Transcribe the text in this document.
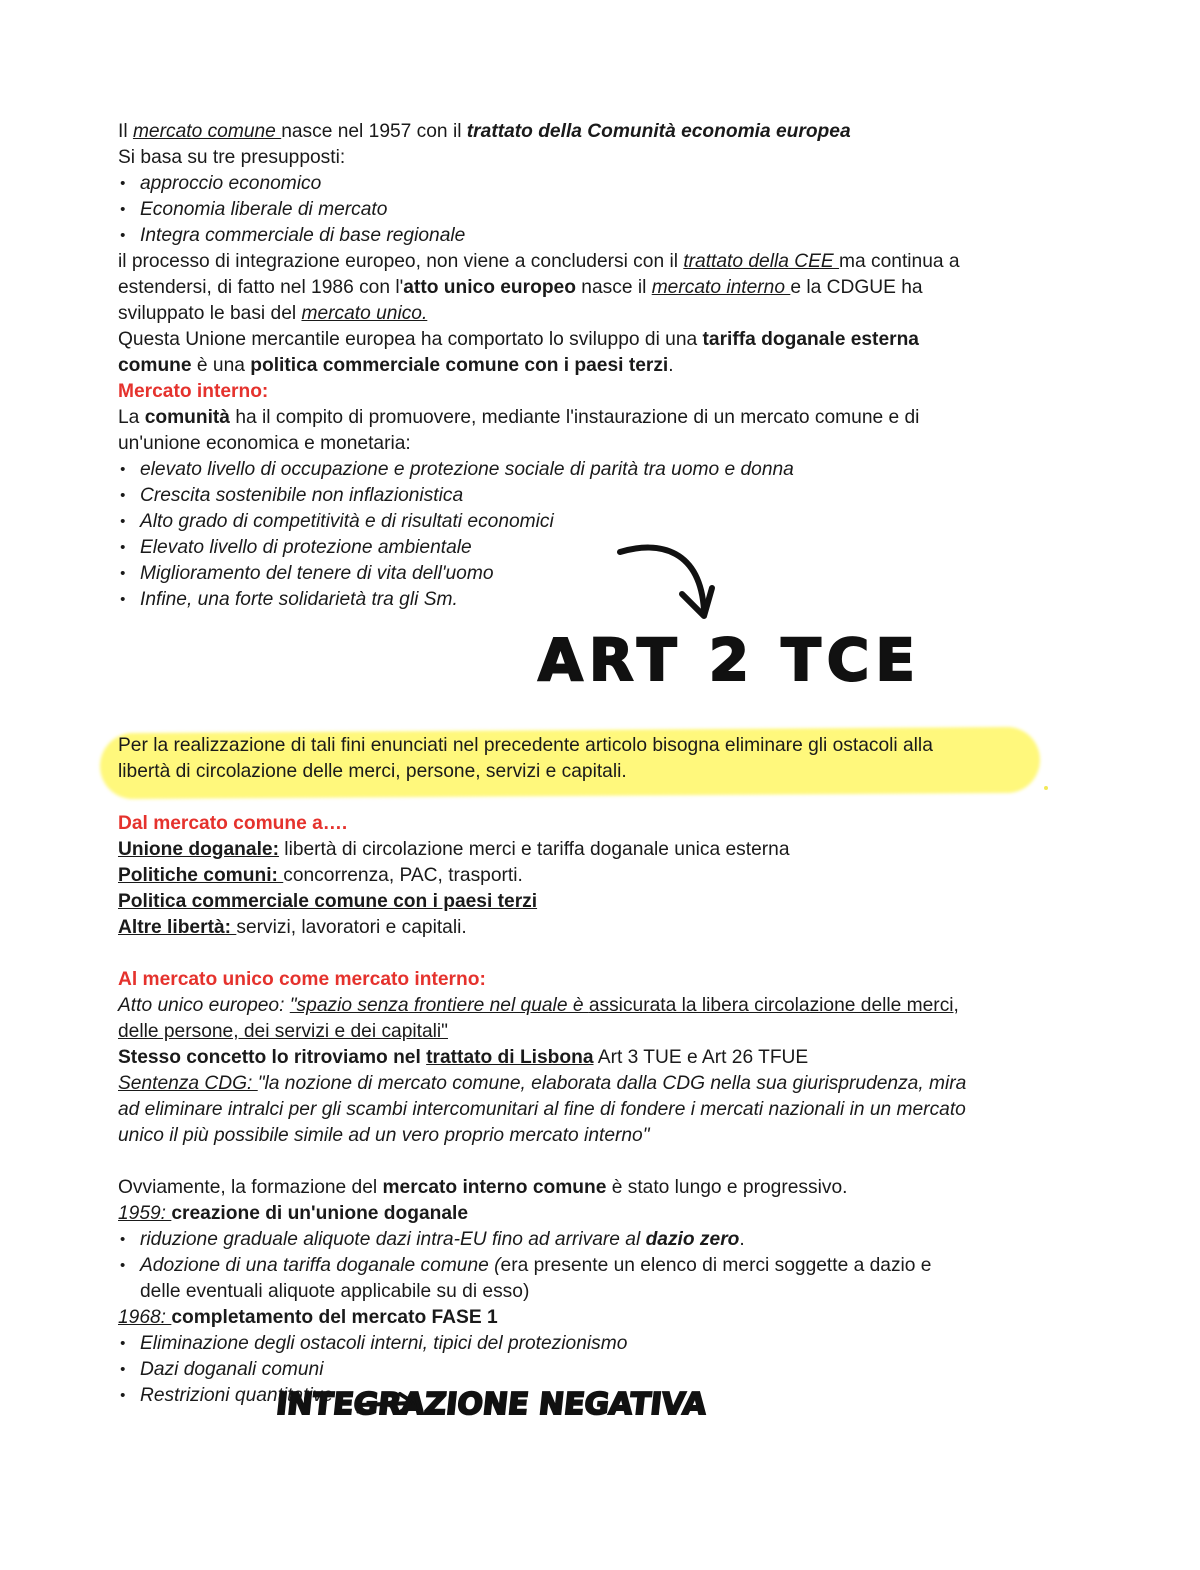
Il mercato comune nasce nel 1957 con il trattato della Comunità economia europea
Si basa su tre presupposti:
• approccio economico
• Economia liberale di mercato
• Integra commerciale di base regionale
il processo di integrazione europeo, non viene a concludersi con il trattato della CEE ma continua a
estendersi, di fatto nel 1986 con l'atto unico europeo nasce il mercato interno e la CDGUE ha
sviluppato le basi del mercato unico.
Questa Unione mercantile europea ha comportato lo sviluppo di una tariffa doganale esterna
comune è una politica commerciale comune con i paesi terzi.
Mercato interno:
La comunità ha il compito di promuovere, mediante l'instaurazione di un mercato comune e di
un'unione economica e monetaria:
• elevato livello di occupazione e protezione sociale di parità tra uomo e donna
• Crescita sostenibile non inflazionistica
• Alto grado di competitività e di risultati economici
• Elevato livello di protezione ambientale
• Miglioramento del tenere di vita dell'uomo
• Infine, una forte solidarietà tra gli Sm.
Per la realizzazione di tali fini enunciati nel precedente articolo bisogna eliminare gli ostacoli alla
libertà di circolazione delle merci, persone, servizi e capitali.
Dal mercato comune a….
Unione doganale: libertà di circolazione merci e tariffa doganale unica esterna
Politiche comuni: concorrenza, PAC, trasporti.
Politica commerciale comune con i paesi terzi
Altre libertà: servizi, lavoratori e capitali.
Al mercato unico come mercato interno:
Atto unico europeo: "spazio senza frontiere nel quale è assicurata la libera circolazione delle merci,
delle persone, dei servizi e dei capitali"
Stesso concetto lo ritroviamo nel trattato di Lisbona Art 3 TUE e Art 26 TFUE
Sentenza CDG: "la nozione di mercato comune, elaborata dalla CDG nella sua giurisprudenza, mira
ad eliminare intralci per gli scambi intercomunitari al fine di fondere i mercati nazionali in un mercato
unico il più possibile simile ad un vero proprio mercato interno"
Ovviamente, la formazione del mercato interno comune è stato lungo e progressivo.
1959: creazione di un'unione doganale
• riduzione graduale aliquote dazi intra-EU fino ad arrivare al dazio zero.
• Adozione di una tariffa doganale comune (era presente un elenco di merci soggette a dazio e
delle eventuali aliquote applicabile su di esso)
1968: completamento del mercato FASE 1
• Eliminazione degli ostacoli interni, tipici del protezionismo
• Dazi doganali comuni
• Restrizioni quantitative
ART 2 TCE
INTEGRAZIONE NEGATIVA
